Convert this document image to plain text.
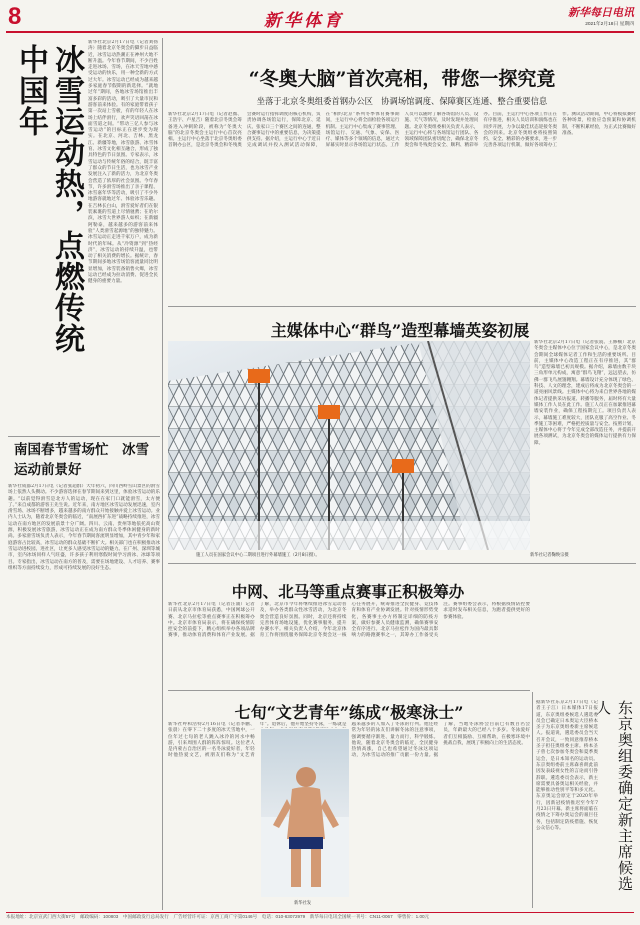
8	新华体育	新华每日电讯
2021年2月18日 星期四
冰雪运动热，点燃传统中国年
新华社北京2月17日电（记者刘扬涛）随着北京冬奥会的脚步日益临近，冰雪运动热潮正在神州大地不断升温。今年春节期间，不少百姓走进冰场、雪场，在冰天雪地中感受运动的快乐，用一种全新的方式过大年。冰雪运动已经成为越来越多家庭春节假期的新选择。“就地过年”期间，各地冰雪场馆推出丰富多彩的活动，吸引了大量市民和游客前来体验。有的家庭带着孩子第一次站上雪板，有的年轻人在冰场上结伴滑行，欢声笑语回荡在冰面雪道之间。“带动三亿人参与冰雪运动”的目标正在逐步变为现实。在北京、河北、吉林、黑龙江、新疆等地，冰雪旅游、冰雪体育、冰雪文化相互融合，形成了独具特色的节日氛围。专家表示，冰雪运动与传统年俗的结合，既丰富了群众的节日生活，也为冰雪产业发展注入了新的活力，为北京冬奥会营造了浓厚的社会氛围。今年春节，许多滑雪场推出了亲子课程、冰雪嘉年华等活动，吸引了不少外地游客就地过年、体验冰雪乐趣。在吉林长白山，滑雪爱好者们在银装素裹的雪道上尽情驰骋；在哈尔滨，冰雪大世界游人如织；在新疆阿勒泰，越来越多的游客前来体验“人类滑雪起源地”的独特魅力。冰雪运动正走进千家万户，成为新时代的年味。从“冷资源”到“热经济”，冰雪运动的持续升温，也带动了相关消费的增长。据统计，春节期间多地冰雪场馆客流量同比明显增加，冰雪装备销售火爆，冰雪运动已经成为拉动消费、促进全民健身的重要力量。
南国春节雪场忙　冰雪运动前景好
新华社成都2月17日电（记者张超群）大年初六，四川西岭雪山景区的滑雪场上依然人头攒动。不少游客选择在春节期间来到这里，体验冰雪运动的乐趣。“以前觉得滑雪是北方人的运动，现在在家门口就能滑雪，太方便了。”来自成都的游客王先生说。近年来，南方地区冰雪运动发展迅速，室内滑雪场、冰场不断增多，越来越多的南方群众开始接触并爱上冰雪运动。业内人士认为，随着北京冬奥会的临近，“南展西扩东进”战略持续推进，冰雪运动在南方地区的发展前景十分广阔。四川、云南、贵州等地依托高山资源，积极发展冰雪旅游，冰雪运动正在成为南方群众冬季休闲健身的新时尚。多家滑雪场负责人表示，今年春节期间客流明显增加，其中青少年和家庭游客占比较高，冰雪运动的群众基础不断扩大。相关部门也在积极推动冰雪运动进校园、进社区，让更多人感受冰雪运动的魅力。在广州、深圳等城市，室内冰场同样人气旺盛，许多孩子利用寒假时间学习滑冰、冰球等项目。专家指出，冰雪运动在南方的普及，需要在场地建设、人才培养、赛事组织等方面持续发力，形成可持续发展的良好生态。
“冬奥大脑”首次亮相，带您一探究竟
坐落于北京冬奥组委首钢办公区　协调场馆调度、保障赛区连通、整合重要信息
新华社北京2月17日电（记者赵薇、王浩宇、卢星吉）随着北京冬奥会筹备进入冲刺阶段，被称为“冬奥大脑”的北京冬奥会主运行中心首次亮相。主运行中心坐落于北京冬奥组委首钢办公区，是北京冬奥会和冬残奥会赛时运行指挥调度的核心机构，负责协调各场馆运行，保障北京、延庆、张家口三个赛区之间的连通，整合赛事运行中的重要信息，为决策提供支持。据介绍，主运行中心于近日完成调试并投入测试活动保障，在“相约北京”系列冬季体育赛事期间，主运行中心将全面检验各项运行机制。主运行中心集成了赛事管理、场馆运行、交通、气象、安保、医疗、媒体等多个领域的信息，通过大屏幕实时显示各场馆运行状态。工作人员可以随时了解各场馆的人员、设施、天气等情况，及时发现并处理问题。北京冬奥组委相关负责人表示，主运行中心将与各场馆运行团队、各领域保障团队密切配合，确保北京冬奥会和冬残奥会安全、顺利、精彩举办。目前，主运行中心各项工作正在有序推进，相关人员培训和演练也在同步开展，力争以最佳状态迎接冬奥会的到来。北京冬奥组委将按照简约、安全、精彩的办赛要求，进一步完善各项运行机制，做好各项筹办工作。测试活动期间，中心将模拟赛时各种场景，检验应急预案和协调机制，不断积累经验，为正式比赛做好准备。
主媒体中心“群鸟”造型幕墙英姿初展
施工人员在国家会议中心二期项目进行外幕墙施工（2月8日摄）。	新华社记者鞠焕宗摄
新华社北京2月17日电（记者张骁、王修楠）北京冬奥会主媒体中心位于国家会议中心，是北京冬奥会期间全球媒体记者工作和生活的重要场所。目前，主媒体中心改造工程正在有序推进，其“群鸟”造型幕墙已初具规模。据介绍，幕墙由数千块三角形单元构成，寓意“群鸟飞翔”，远远望去，仿佛一群飞鸟展翅翱翔。幕墙设计充分体现了绿色、科技、人文的理念，建成后将成为北京冬奥会的一道亮丽风景线。主媒体中心将为来自世界各地的媒体记者提供采访报道、转播等服务，届时将有大量媒体工作人员在此工作。施工人员正在加紧推进幕墙安装作业，确保工程按期完工。项目负责人表示，幕墙施工难度较大，团队克服了高空作业、冬季施工等困难，严格把控质量与安全。按照计划，主媒体中心将于今年完成全部改造任务，并提前开展各项测试，为北京冬奥会的媒体运行提供有力保障。
中网、北马等重点赛事正积极筹办
新华社北京2月17日电（记者汪涌）记者日前从北京市体育局获悉，中国网球公开赛、北京马拉松等重点赛事正在积极筹办中。北京市体育局表示，将在确保疫情防控安全的前提下，精心组织举办各项品牌赛事，推动体育消费和体育产业发展。据了解，北京市今年将继续推进冰雪运动普及，举办各类群众性冰雪活动，为北京冬奥会营造良好氛围。同时，北京还将持续完善体育场地设施，优化赛事服务，提升办赛水平。相关负责人介绍，今年北京体育工作将围绕服务保障北京冬奥会这一核心任务展开，统筹推进全民健身、竞技体育和体育产业协调发展。针对疫情形势变化，各赛事主办方将制定详细的防疫方案，做好参赛人员健康监测，确保赛事安全有序进行。北京马拉松作为国内最具影响力的路跑赛事之一，其筹办工作备受关注。赛事组委会表示，将根据疫情防控要求适时发布相关信息，为跑者提供更好的参赛体验。
七旬“文艺青年”练成“极寒泳士”
新华社呼和浩特2月16日电（记者李鹏、张晨）在零下二十多度的冰天雪地中，一位年过七旬的老人跳入冰冷的河水中畅游，引来周围人群的阵阵惊叹。这位老人是内蒙古自治区的一名冬泳爱好者，年轻时他热爱文艺，被朋友们称为“文艺青年”。退休后，他开始坚持冬泳，一练就是 越来越多的人加入了冬泳的行列。他还经常为年轻的泳友们讲解冬泳的注意事项，强调要循序渐进、量力而行，科学锻炼。他说，随着北京冬奥会的临近，全民健身热情高涨，自己也希望通过冬泳这项运动，为冰雪运动的推广贡献一份力量。据了解，当地冬泳协会目前已有数百名会员，年龄最大的已经八十多岁。冬泳爱好者们互相鼓励、互相帮助，在极寒环境中挑战自我，展现了积极向上的生活态度。
新华社发
据新华社东京2月17日电（记者王子江）日本媒体17日报道，东京奥组委候选人遴选委员会已确定日本奥运大臣桥本圣子为东京奥组委新主席候选人。报道说，遴选委员会当天召开会议，一致同意推荐桥本圣子担任奥组委主席。桥本圣子曾七次参加冬奥会和夏季奥运会，是日本知名的运动员。东京奥组委前主席森喜朗此前因发表歧视女性的言论而引咎辞职。遴选委员会表示，新主席需要具备奥运相关经验，并能够推动性别平等和多元化。东京奥运会原定于2020年举行，因新冠疫情推迟至今年7月23日开幕。新主席将面临在疫情之下筹办奥运会的艰巨任务，包括制定防疫措施、恢复公众信心等。	东京奥组委确定新主席候选人
本报地址：北京宣武门西大街57号　邮政编码：100803　中国邮政发行总局发行　广告经营许可证：京西工商广字第0146号　电话：010-63072979　新华每日电讯全国统一刊号：CN11-0067　零售价：1.00元
